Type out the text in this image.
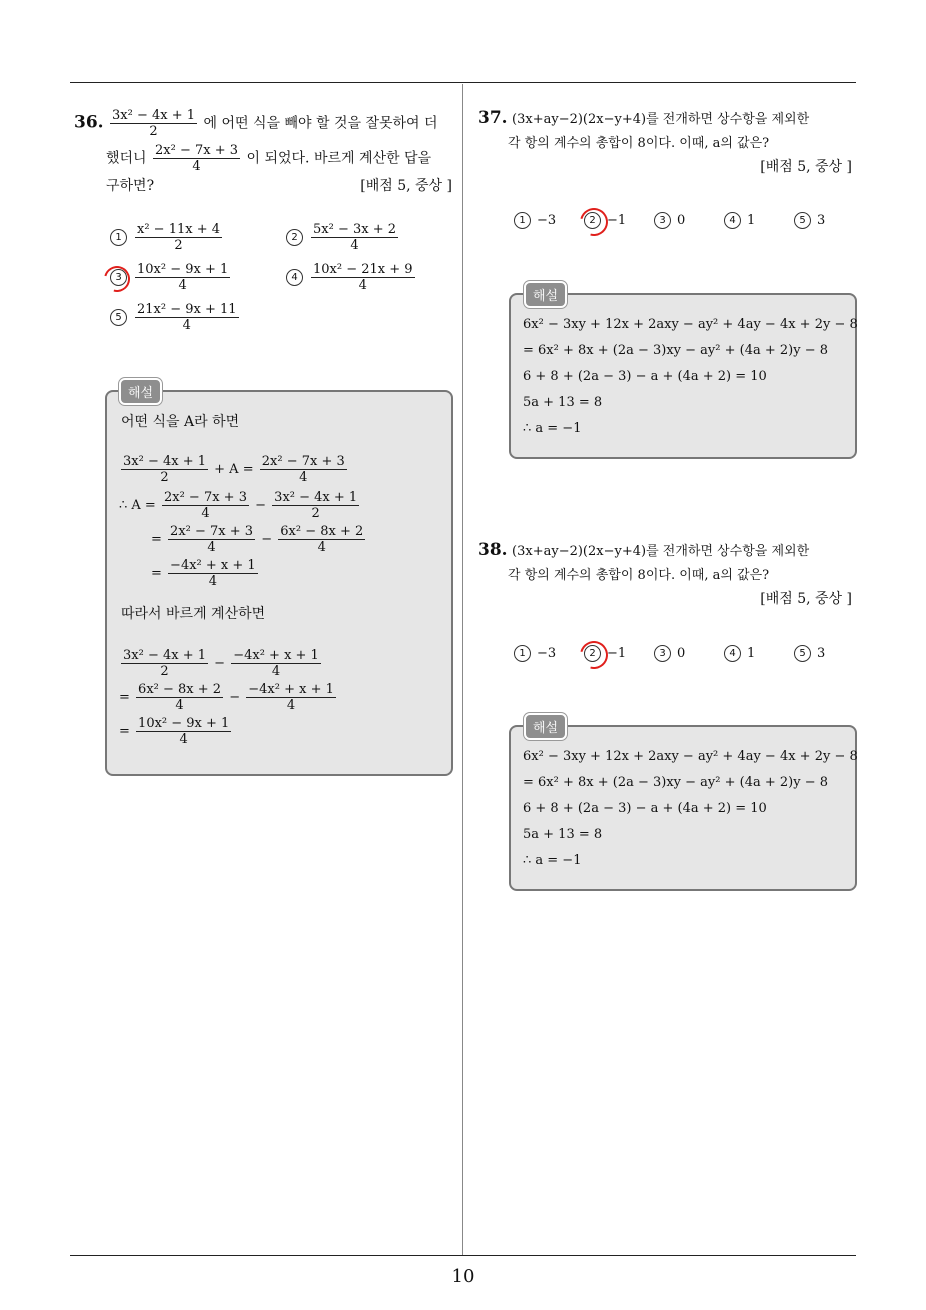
36. $\frac{\text{3x² − 4x + 1}}{2}$ 에 어떤 식을 빼야 할 것을 잘못하여 더
했더니 $\frac{\text{2x² − 7x + 3}}{4}$ 이 되었다. 바르게 계산한 답을
구하면?	[배점 5, 중상 ]
$1 \frac{\text{x² − 11x + 4}}{2}$	$2 \frac{\text{5x² − 3x + 2}}{4}$
$3 \frac{\text{10x² − 9x + 1}}{4}$	$4 \frac{\text{10x² − 21x + 9}}{4}$
$5 \frac{\text{21x² − 9x + 11}}{4}$
어떤 식을 A라 하면
$\frac{\text{3x² − 4x + 1}}{2} + A = \frac{\text{2x² − 7x + 3}}{4}$
∴ $A = \frac{\text{2x² − 7x + 3}}{4} - \frac{\text{3x² − 4x + 1}}{2}$
= $\frac{\text{2x² − 7x + 3}}{4} - \frac{\text{6x² − 8x + 2}}{4}$
= $\frac{\text{−4x² + x + 1}}{4}$
따라서 바르게 계산하면
$\frac{\text{3x² − 4x + 1}}{2} - \frac{\text{−4x² + x + 1}}{4}$
= $\frac{\text{6x² − 8x + 2}}{4} - \frac{\text{−4x² + x + 1}}{4}$
= $\frac{\text{10x² − 9x + 1}}{4}$
해설
37. (3x+ay−2)(2x−y+4)를 전개하면 상수항을 제외한
각 항의 계수의 총합이 8이다. 이때, a의 값은?
[배점 5, 중상 ]
1 −3	2 −1	3 0	4 1	5 3
6x² − 3xy + 12x + 2axy − ay² + 4ay − 4x + 2y − 8
= 6x² + 8x + (2a − 3)xy − ay² + (4a + 2)y − 8
6 + 8 + (2a − 3) − a + (4a + 2) = 10
5a + 13 = 8
∴ a = −1
해설
38. (3x+ay−2)(2x−y+4)를 전개하면 상수항을 제외한
각 항의 계수의 총합이 8이다. 이때, a의 값은?
[배점 5, 중상 ]
1 −3	2 −1	3 0	4 1	5 3
6x² − 3xy + 12x + 2axy − ay² + 4ay − 4x + 2y − 8
= 6x² + 8x + (2a − 3)xy − ay² + (4a + 2)y − 8
6 + 8 + (2a − 3) − a + (4a + 2) = 10
5a + 13 = 8
∴ a = −1
해설
10
